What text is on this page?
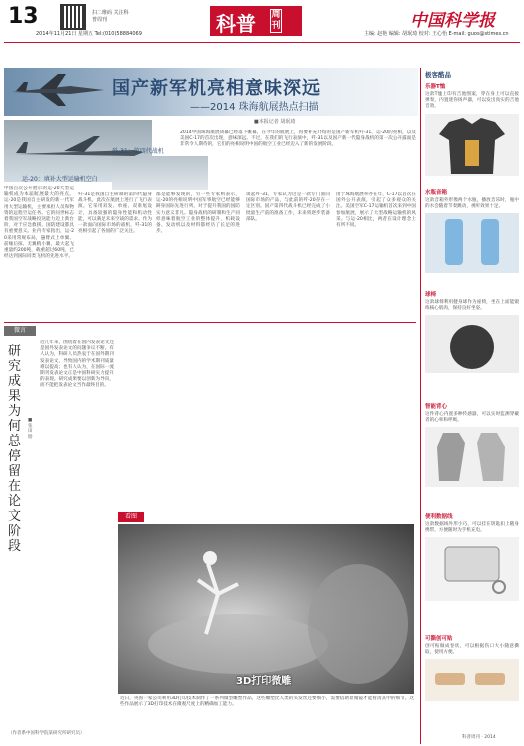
13	扫二维码 关注科普周刊
2014年11月21日 星期五 Tel:(010)58884069	科普 周刊	中国科学报
主编: 赵艳 编辑: 胡珉琦 校对: 王心怡 E-mail: guos@stimes.cn
国产新军机亮相意味深远
——2014 珠海航展热点扫描
■本报记者 胡珉琦
运-20：填补大型运输机空白
歼-31：第四代战机
中国首次公开展示的运-20大型运输机成为本届航展最大的亮点。运-20是我国自主研发的新一代军用大型运输机，主要承担人员和物资的远程空运任务。它的问世标志着我国空军战略投送能力迈上新台阶，对于应急救援、国防建设都具有重要意义。业内专家指出，运-20采用常规布局，悬臂式上单翼、前缘后掠、无翼梢小翼，最大起飞重量约200吨，载重超过60吨，已经达到国际同类飞机的先进水平。
歼-31是我国自主研制的第四代隐身战斗机，此次在航展上进行了飞行表演。它采用双发、单座、双垂尾设计，具备较强的隐身性能和机动性能，可以满足未来空战的需求。作为一款面向国际市场的战机，歼-31的亮相引起了各国的广泛关注。
2014中国珠海航展闭幕已经落下帷幕，在今年的航展上，再要补充介绍的是国产新军机歼-31、运-20的亮相，以及美国C-17的首次出现，意味深远。不过，在我们的飞行表演中，歼-31以及国产新一代隐身战机的第一次公开露面是非常令人期待的，它们的亮相说明中国的航空工业已经迈入了新的发展阶段。
都是能够发现的，另一些专家则表示，运-20的亮相说明中国军事航空已经能够跻身国际先进行列，对于提升我国的国防实力意义非凡。隐身战机的研制和生产同样意味着航空工业的整体提升，机载设备、发动机以及材料都经历了长足的进步。
谈起歼-31，专家认为这是一款专门面向国际市场的产品，与此前的歼-20存在一定区别。国产第四代战斗机已经完成了小批量生产前的准备工作，未来将逐步装备部队。
由于珠海航展举办在年，C-17以首次在国外公开表演，引起了众多观众的关注。美国空军C-17运输机首次来到中国参加航展，展示了大型战略运输机的风采。与运-20相比，两者在设计理念上有所不同。
微言
研究成果为何总停留在论文阶段
■张田勘
近几年来，围绕着在国内发表论文还是国外发表论文的问题争议不断。有人认为，科研人员热衷于在国外期刊发表论文，导致国内的学术期刊质量难以提高；也有人认为，在国际一流期刊发表论文正是中国科研实力提升的表现。研究成果要以创新为导向，而不能把发表论文当作最终目的。
（作者系中国科学院某研究所研究员）
看图
3D打印微雕
近日，英国一家公司利用3D打印技术制作了一系列微型雕塑作品，这些雕塑比人类的头发丝还要细小，需要借助显微镜才能看清其中的细节。这些作品展示了3D打印技术在微观尺度上的精确加工能力。
极客酷品
乐器T恤
这款T恤上印有吉他图案，穿在身上可以直接弹奏，内置迷你扬声器，可以发出真实的吉他音效。
水瓶音箱
这款音箱外形像两个水瓶，播放音乐时，瓶中的水会随着节奏跳动，视听效果十足。
球椅
这款球椅利用健身球作为座椅，坐在上面能锻炼核心肌肉，保持良好坐姿。
智能背心
这件背心内置多种传感器，可以实时监测穿戴者的心率和呼吸。
便利数据线
这款数据线外形小巧，可以挂在钥匙扣上随身携带，方便随时为手机充电。
可撕创可贴
创可贴做成卷状，可以根据伤口大小随意撕取，使用方便。
科普周刊 · 2014
